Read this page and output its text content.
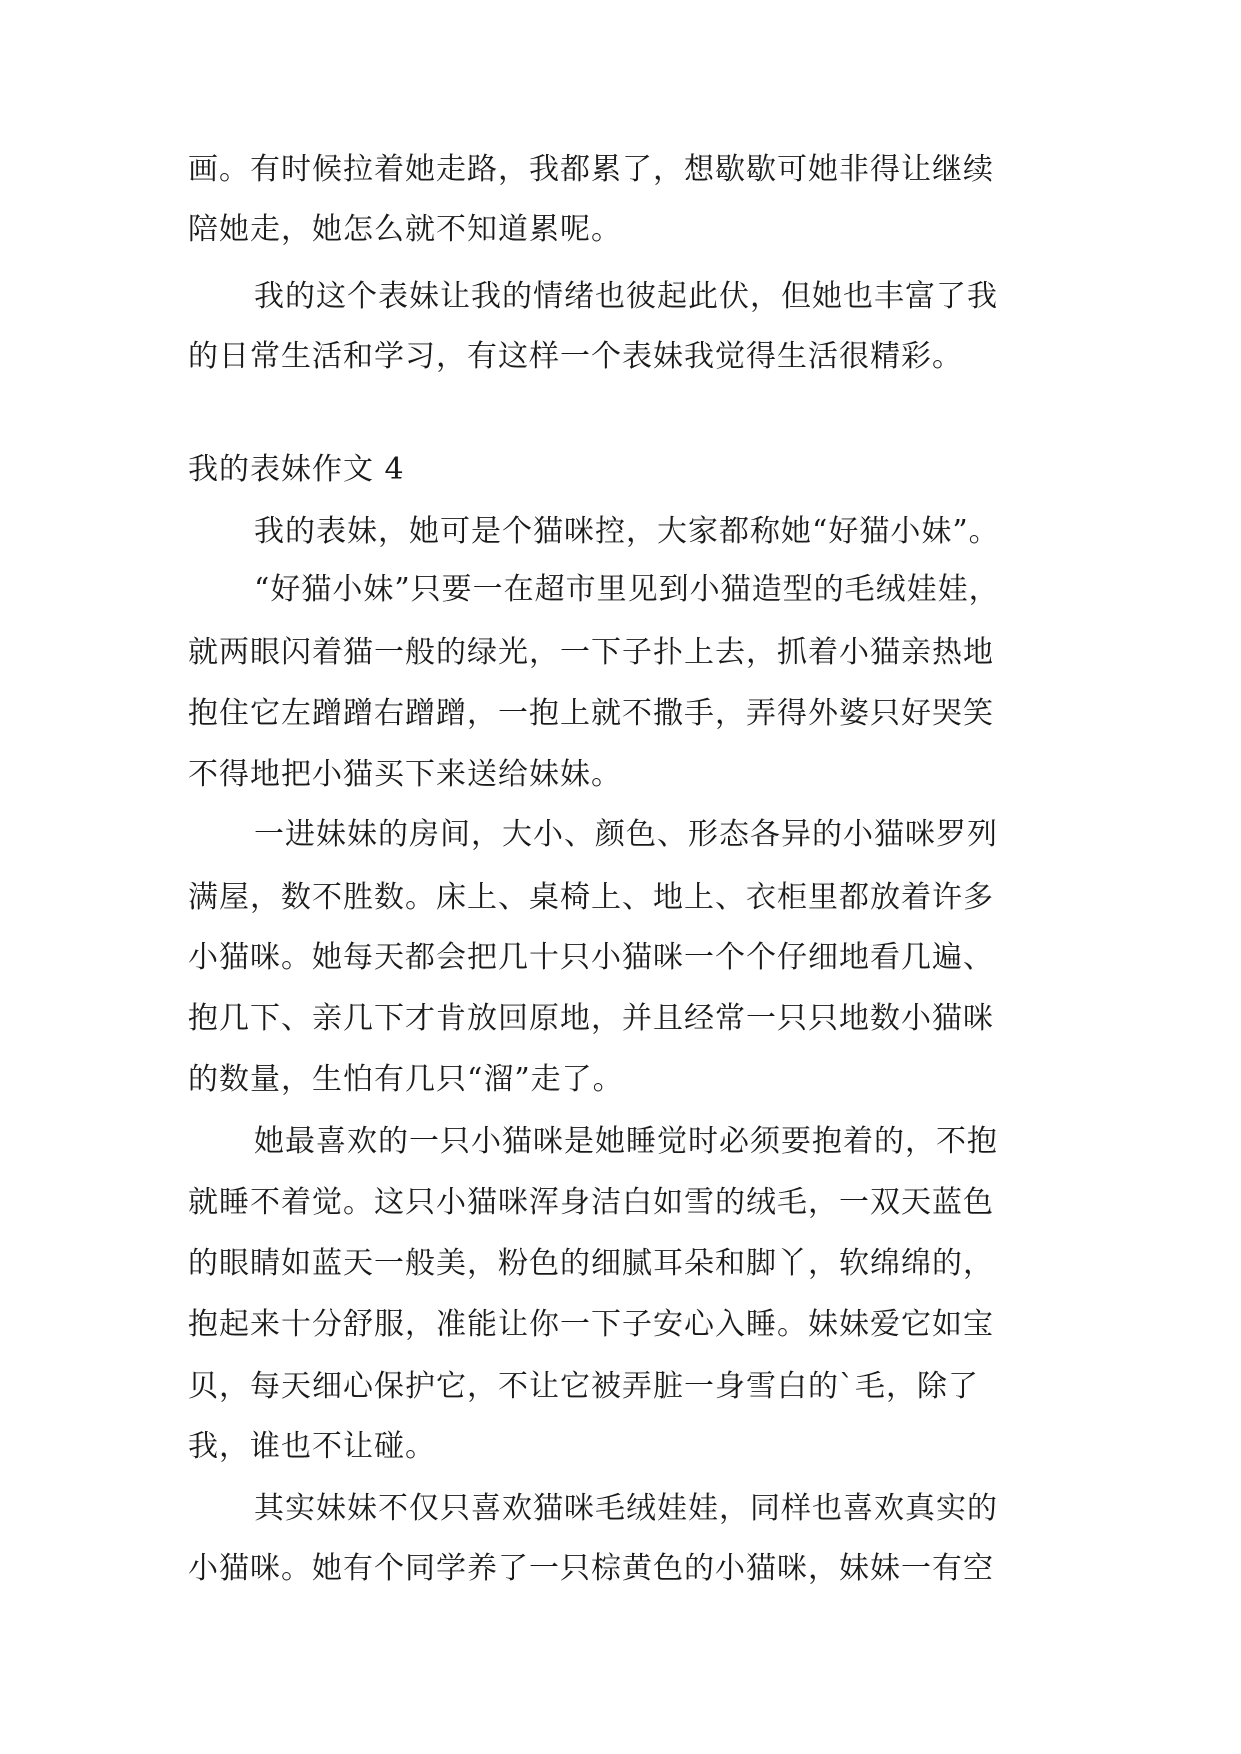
画。有时候拉着她走路，我都累了，想歇歇可她非得让继续
陪她走，她怎么就不知道累呢。
我的这个表妹让我的情绪也彼起此伏，但她也丰富了我
的日常生活和学习，有这样一个表妹我觉得生活很精彩。
我的表妹作文 4
我的表妹，她可是个猫咪控，大家都称她“好猫小妹”。
“好猫小妹”只要一在超市里见到小猫造型的毛绒娃娃，
就两眼闪着猫一般的绿光，一下子扑上去，抓着小猫亲热地
抱住它左蹭蹭右蹭蹭，一抱上就不撒手，弄得外婆只好哭笑
不得地把小猫买下来送给妹妹。
一进妹妹的房间，大小、颜色、形态各异的小猫咪罗列
满屋，数不胜数。床上、桌椅上、地上、衣柜里都放着许多
小猫咪。她每天都会把几十只小猫咪一个个仔细地看几遍、
抱几下、亲几下才肯放回原地，并且经常一只只地数小猫咪
的数量，生怕有几只“溜”走了。
她最喜欢的一只小猫咪是她睡觉时必须要抱着的，不抱
就睡不着觉。这只小猫咪浑身洁白如雪的绒毛，一双天蓝色
的眼睛如蓝天一般美，粉色的细腻耳朵和脚丫，软绵绵的，
抱起来十分舒服，准能让你一下子安心入睡。妹妹爱它如宝
贝，每天细心保护它，不让它被弄脏一身雪白的`毛，除了
我，谁也不让碰。
其实妹妹不仅只喜欢猫咪毛绒娃娃，同样也喜欢真实的
小猫咪。她有个同学养了一只棕黄色的小猫咪，妹妹一有空
